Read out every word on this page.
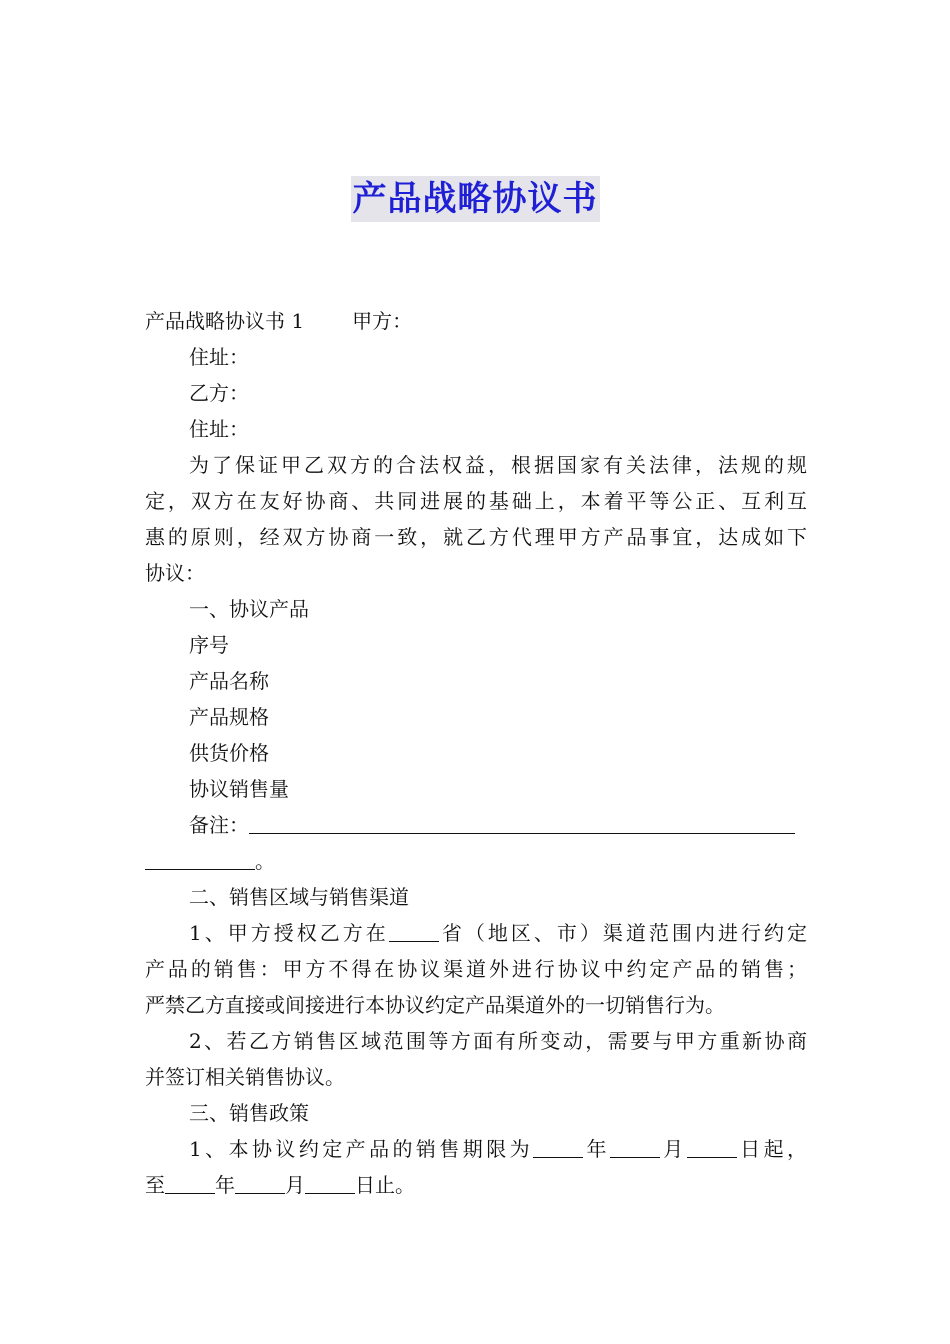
产品战略协议书
产品战略协议书 1 甲方：
住址：
乙方：
住址：
为了保证甲乙双方的合法权益，根据国家有关法律，法规的规
定，双方在友好协商、共同进展的基础上，本着平等公正、互利互
惠的原则，经双方协商一致，就乙方代理甲方产品事宜，达成如下
协议：
一、协议产品
序号
产品名称
产品规格
供货价格
协议销售量
备注：
。
二、销售区域与销售渠道
1、甲方授权乙方在	省（地区、市）渠道范围内进行约定
产品的销售：甲方不得在协议渠道外进行协议中约定产品的销售；
严禁乙方直接或间接进行本协议约定产品渠道外的一切销售行为。
2、若乙方销售区域范围等方面有所变动，需要与甲方重新协商
并签订相关销售协议。
三、销售政策
1、本协议约定产品的销售期限为	年	月	日起，
至	年	月	日止。
